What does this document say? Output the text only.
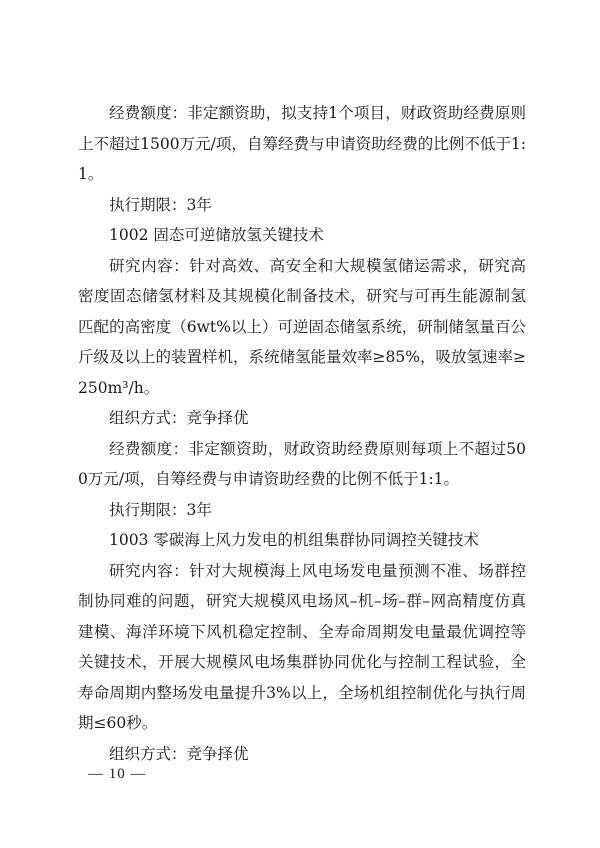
经费额度：非定额资助，拟支持1个项目，财政资助经费原则上不超过1500万元/项，自筹经费与申请资助经费的比例不低于1:1。

执行期限：3年

1002 固态可逆储放氢关键技术

研究内容：针对高效、高安全和大规模氢储运需求，研究高密度固态储氢材料及其规模化制备技术，研究与可再生能源制氢匹配的高密度（6wt%以上）可逆固态储氢系统，研制储氢量百公斤级及以上的装置样机，系统储氢能量效率≥85%，吸放氢速率≥250m³/h。

组织方式：竞争择优

经费额度：非定额资助，财政资助经费原则每项上不超过500万元/项，自筹经费与申请资助经费的比例不低于1:1。

执行期限：3年

1003 零碳海上风力发电的机组集群协同调控关键技术

研究内容：针对大规模海上风电场发电量预测不准、场群控制协同难的问题，研究大规模风电场风–机–场–群–网高精度仿真建模、海洋环境下风机稳定控制、全寿命周期发电量最优调控等关键技术，开展大规模风电场集群协同优化与控制工程试验，全寿命周期内整场发电量提升3%以上，全场机组控制优化与执行周期≤60秒。

组织方式：竞争择优

— 10 —
